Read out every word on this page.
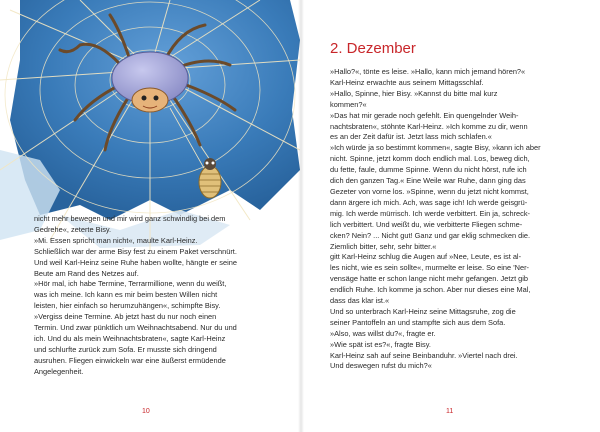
nicht mehr bewegen und mir wird ganz schwindlig bei dem
Gedrehe«, zeterte Bisy.
»Mi. Essen spricht man nicht«, maulte Karl-Heinz.
Schließlich war der arme Bisy fest zu einem Paket verschnürt.
Und weil Karl-Heinz seine Ruhe haben wollte, hängte er seine
Beute am Rand des Netzes auf.
»Hör mal, ich habe Termine, Terrarmillione, wenn du weißt,
was ich meine. Ich kann es mir beim besten Willen nicht
leisten, hier einfach so herumzuhängen«, schimpfte Bisy.
»Vergiss deine Termine. Ab jetzt hast du nur noch einen
Termin. Und zwar pünktlich um Weihnachtsabend. Nur du und
ich. Und du als mein Weihnachtsbraten«, sagte Karl-Heinz
und schlurfte zurück zum Sofa. Er musste sich dringend
ausruhen. Fliegen einwickeln war eine äußerst ermüdende
Angelegenheit.
2. Dezember
»Hallo?«, tönte es leise. »Hallo, kann mich jemand hören?«
Karl-Heinz erwachte aus seinem Mittagsschlaf.
»Hallo, Spinne, hier Bisy. »Kannst du bitte mal kurz
kommen?«
»Das hat mir gerade noch gefehlt. Ein quengelnder Weih-
nachtsbraten«, stöhnte Karl-Heinz. »Ich komme zu dir, wenn
es an der Zeit dafür ist. Jetzt lass mich schlafen.«
»Ich würde ja so bestimmt kommen«, sagte Bisy, »kann ich aber
nicht. Spinne, jetzt komm doch endlich mal. Los, beweg dich,
du fette, faule, dumme Spinne. Wenn du nicht hörst, rufe ich
dich den ganzen Tag.« Eine Weile war Ruhe, dann ging das
Gezeter von vorne los. »Spinne, wenn du jetzt nicht kommst,
dann ärgere ich mich. Ach, was sage ich! Ich werde geisgrü-
mig. Ich werde mürrisch. Ich werde verbittert. Ein ja, schreck-
lich verbittert. Und weißt du, wie verbitterte Fliegen schme-
cken? Nein? ... Nicht gut! Ganz und gar eklig schmecken die.
Ziemlich bitter, sehr, sehr bitter.«
gitt Karl-Heinz schlug die Augen auf »Nee, Leute, es ist al-
les nicht, wie es sein sollte«, murmelte er leise. So eine 'Ner-
vensäge hatte er schon lange nicht mehr gefangen. Jetzt gib
endlich Ruhe. Ich komme ja schon. Aber nur dieses eine Mal,
dass das klar ist.«
Und so unterbrach Karl-Heinz seine Mittagsruhe, zog die
seiner Pantoffeln an und stampfte sich aus dem Sofa.
»Also, was willst du?«, fragte er.
»Wie spät ist es?«, fragte Bisy.
Karl-Heinz sah auf seine Beinbanduhr. »Viertel nach drei.
Und deswegen rufst du mich?«
10	11
